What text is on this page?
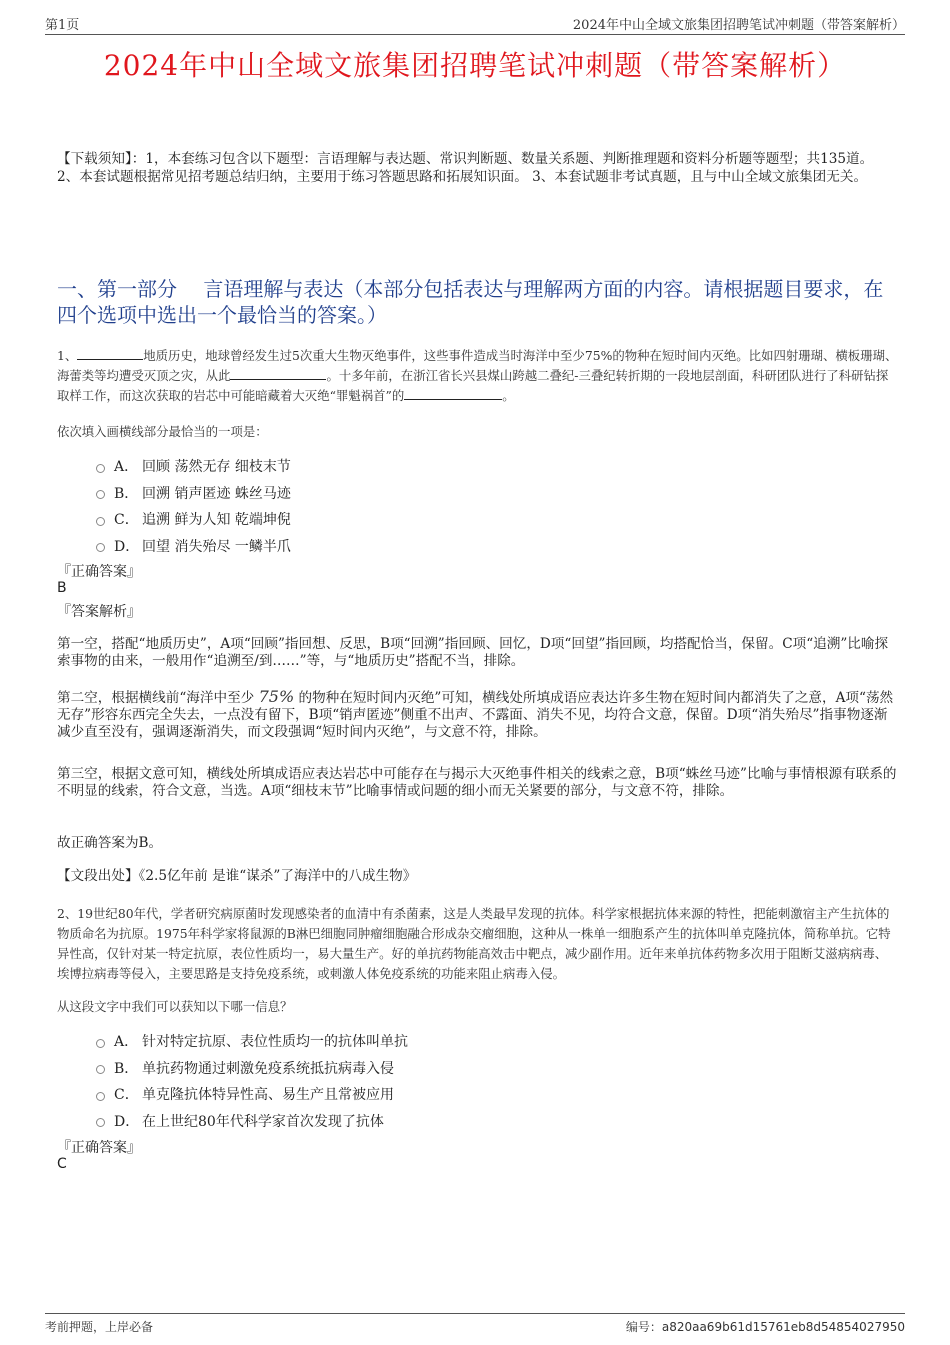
第1页	2024年中山全域文旅集团招聘笔试冲刺题（带答案解析）
2024年中山全域文旅集团招聘笔试冲刺题（带答案解析）
【下载须知】：1，本套练习包含以下题型：言语理解与表达题、常识判断题、数量关系题、判断推理题和资料分析题等题型；共135道。 2、本套试题根据常见招考题总结归纳，主要用于练习答题思路和拓展知识面。 3、本套试题非考试真题，且与中山全域文旅集团无关。
一、第一部分　 言语理解与表达（本部分包括表达与理解两方面的内容。请根据题目要求，在四个选项中选出一个最恰当的答案。）

1、	地质历史，地球曾经发生过5次重大生物灭绝事件，这些事件造成当时海洋中至少75%的物种在短时间内灭绝。比如四射珊瑚、横板珊瑚、海蕾类等均遭受灭顶之灾，从此	。十多年前，在浙江省长兴县煤山跨越二叠纪-三叠纪转折期的一段地层剖面，科研团队进行了科研钻探取样工作，而这次获取的岩芯中可能暗藏着大灭绝“罪魁祸首”的	。

依次填入画横线部分最恰当的一项是：

A． 回顾 荡然无存 细枝末节
B． 回溯 销声匿迹 蛛丝马迹
C． 追溯 鲜为人知 乾端坤倪
D． 回望 消失殆尽 一鳞半爪
『正确答案』
B
『答案解析』

第一空，搭配“地质历史”，A项“回顾”指回想、反思，B项“回溯”指回顾、回忆，D项“回望”指回顾，均搭配恰当，保留。C项“追溯”比喻探索事物的由来，一般用作“追溯至/到……”等，与“地质历史”搭配不当，排除。

第二空，根据横线前“海洋中至少 75% 的物种在短时间内灭绝”可知，横线处所填成语应表达许多生物在短时间内都消失了之意，A项“荡然无存”形容东西完全失去，一点没有留下，B项“销声匿迹”侧重不出声、不露面、消失不见，均符合文意，保留。D项“消失殆尽”指事物逐渐减少直至没有，强调逐渐消失，而文段强调“短时间内灭绝”，与文意不符，排除。

第三空，根据文意可知，横线处所填成语应表达岩芯中可能存在与揭示大灭绝事件相关的线索之意，B项“蛛丝马迹”比喻与事情根源有联系的不明显的线索，符合文意，当选。A项“细枝末节”比喻事情或问题的细小而无关紧要的部分，与文意不符，排除。

故正确答案为B。

【文段出处】《2.5亿年前 是谁“谋杀”了海洋中的八成生物》

2、19世纪80年代，学者研究病原菌时发现感染者的血清中有杀菌素，这是人类最早发现的抗体。科学家根据抗体来源的特性，把能刺激宿主产生抗体的物质命名为抗原。1975年科学家将鼠源的B淋巴细胞同肿瘤细胞融合形成杂交瘤细胞，这种从一株单一细胞系产生的抗体叫单克隆抗体，简称单抗。它特异性高，仅针对某一特定抗原，表位性质均一，易大量生产。好的单抗药物能高效击中靶点，减少副作用。近年来单抗体药物多次用于阻断艾滋病病毒、埃博拉病毒等侵入，主要思路是支持免疫系统，或刺激人体免疫系统的功能来阻止病毒入侵。

从这段文字中我们可以获知以下哪一信息？

A． 针对特定抗原、表位性质均一的抗体叫单抗
B． 单抗药物通过刺激免疫系统抵抗病毒入侵
C． 单克隆抗体特异性高、易生产且常被应用
D． 在上世纪80年代科学家首次发现了抗体
『正确答案』
C
考前押题，上岸必备	编号：a820aa69b61d15761eb8d54854027950
